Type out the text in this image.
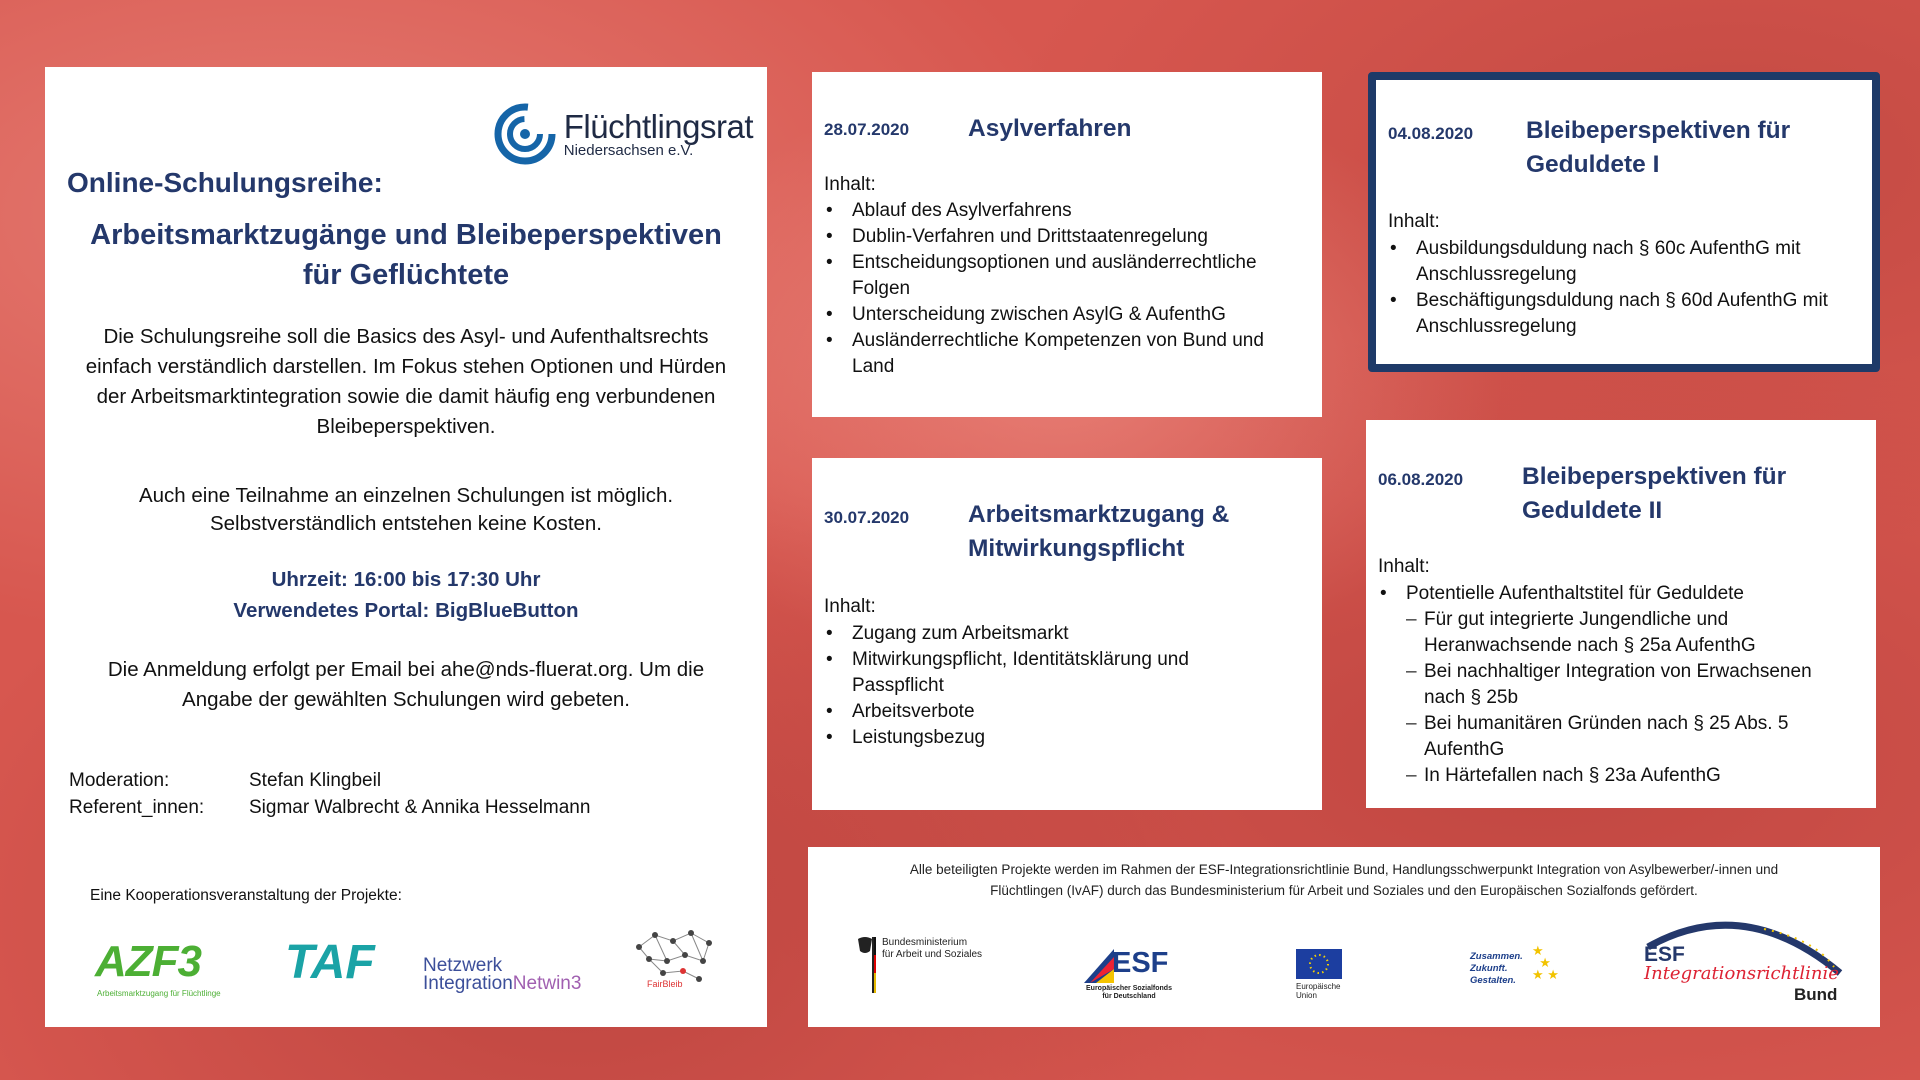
Flüchtlingsrat
Niedersachsen e.V.
Online-Schulungsreihe:
Arbeitsmarktzugänge und Bleibeperspektiven
für Geflüchtete
Die Schulungsreihe soll die Basics des Asyl- und Aufenthaltsrechts
einfach verständlich darstellen. Im Fokus stehen Optionen und Hürden
der Arbeitsmarktintegration sowie die damit häufig eng verbundenen
Bleibeperspektiven.
Auch eine Teilnahme an einzelnen Schulungen ist möglich.
Selbstverständlich entstehen keine Kosten.
Uhrzeit: 16:00 bis 17:30 Uhr
Verwendetes Portal: BigBlueButton
Die Anmeldung erfolgt per Email bei ahe@nds-fluerat.org. Um die
Angabe der gewählten Schulungen wird gebeten.
Moderation:	Stefan Klingbeil
Referent_innen:	Sigmar Walbrecht & Annika Hesselmann
Eine Kooperationsveranstaltung der Projekte:
AZF3
Arbeitsmarktzugang für Flüchtlinge
TAF	Netzwerk
IntegrationNetwin3	FairBleib
28.07.2020 Asylverfahren
Inhalt:
• Ablauf des Asylverfahrens
• Dublin-Verfahren und Drittstaatenregelung
• Entscheidungsoptionen und ausländerrechtliche
Folgen
• Unterscheidung zwischen AsylG & AufenthG
• Ausländerrechtliche Kompetenzen von Bund und
Land
30.07.2020 Arbeitsmarktzugang &
Mitwirkungspflicht
Inhalt:
• Zugang zum Arbeitsmarkt
• Mitwirkungspflicht, Identitätsklärung und
Passpflicht
• Arbeitsverbote
• Leistungsbezug
04.08.2020 Bleibeperspektiven für
Geduldete I
Inhalt:
• Ausbildungsduldung nach § 60c AufenthG mit
Anschlussregelung
• Beschäftigungsduldung nach § 60d AufenthG mit
Anschlussregelung
06.08.2020 Bleibeperspektiven für
Geduldete II
Inhalt:
• Potentielle Aufenthaltstitel für Geduldete
– Für gut integrierte Jungendliche und
Heranwachsende nach § 25a AufenthG
– Bei nachhaltiger Integration von Erwachsenen
nach § 25b
– Bei humanitären Gründen nach § 25 Abs. 5
AufenthG
– In Härtefallen nach § 23a AufenthG
Alle beteiligten Projekte werden im Rahmen der ESF-Integrationsrichtlinie Bund, Handlungsschwerpunkt Integration von Asylbewerber/-innen und
Flüchtlingen (IvAF) durch das Bundesministerium für Arbeit und Soziales und den Europäischen Sozialfonds gefördert.
Bundesministerium
für Arbeit und Soziales	ESF
Europäischer Sozialfonds
für Deutschland
Europäische
Union
Zusammen.
Zukunft.
Gestalten.
★
★
★ ★
ESF
Integrationsrichtlinie
Bund
